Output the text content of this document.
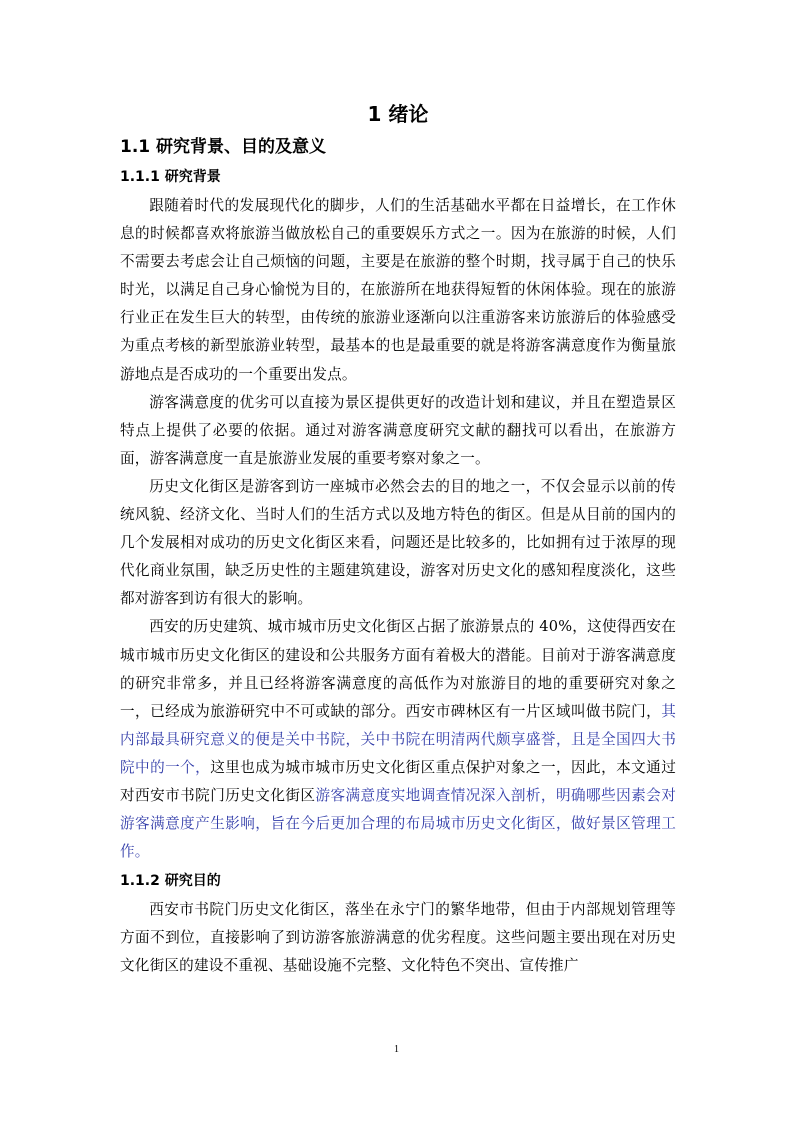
1 绪论
1.1 研究背景、目的及意义
1.1.1 研究背景

跟随着时代的发展现代化的脚步，人们的生活基础水平都在日益增长，在工作休息的时候都喜欢将旅游当做放松自己的重要娱乐方式之一。因为在旅游的时候，人们不需要去考虑会让自己烦恼的问题，主要是在旅游的整个时期，找寻属于自己的快乐时光，以满足自己身心愉悦为目的，在旅游所在地获得短暂的休闲体验。现在的旅游行业正在发生巨大的转型，由传统的旅游业逐渐向以注重游客来访旅游后的体验感受为重点考核的新型旅游业转型，最基本的也是最重要的就是将游客满意度作为衡量旅游地点是否成功的一个重要出发点。

游客满意度的优劣可以直接为景区提供更好的改造计划和建议，并且在塑造景区特点上提供了必要的依据。通过对游客满意度研究文献的翻找可以看出，在旅游方面，游客满意度一直是旅游业发展的重要考察对象之一。

历史文化街区是游客到访一座城市必然会去的目的地之一，不仅会显示以前的传统风貌、经济文化、当时人们的生活方式以及地方特色的街区。但是从目前的国内的几个发展相对成功的历史文化街区来看，问题还是比较多的，比如拥有过于浓厚的现代化商业氛围，缺乏历史性的主题建筑建设，游客对历史文化的感知程度淡化，这些都对游客到访有很大的影响。

西安的历史建筑、城市城市历史文化街区占据了旅游景点的 40%，这使得西安在城市城市历史文化街区的建设和公共服务方面有着极大的潜能。目前对于游客满意度的研究非常多，并且已经将游客满意度的高低作为对旅游目的地的重要研究对象之一，已经成为旅游研究中不可或缺的部分。西安市碑林区有一片区域叫做书院门，其内部最具研究意义的便是关中书院，关中书院在明清两代颇享盛誉，且是全国四大书院中的一个，这里也成为城市城市历史文化街区重点保护对象之一，因此，本文通过对西安市书院门历史文化街区游客满意度实地调查情况深入剖析，明确哪些因素会对游客满意度产生影响，旨在今后更加合理的布局城市历史文化街区，做好景区管理工作。

1.1.2 研究目的

西安市书院门历史文化街区，落坐在永宁门的繁华地带，但由于内部规划管理等方面不到位，直接影响了到访游客旅游满意的优劣程度。这些问题主要出现在对历史文化街区的建设不重视、基础设施不完整、文化特色不突出、宣传推广

1
